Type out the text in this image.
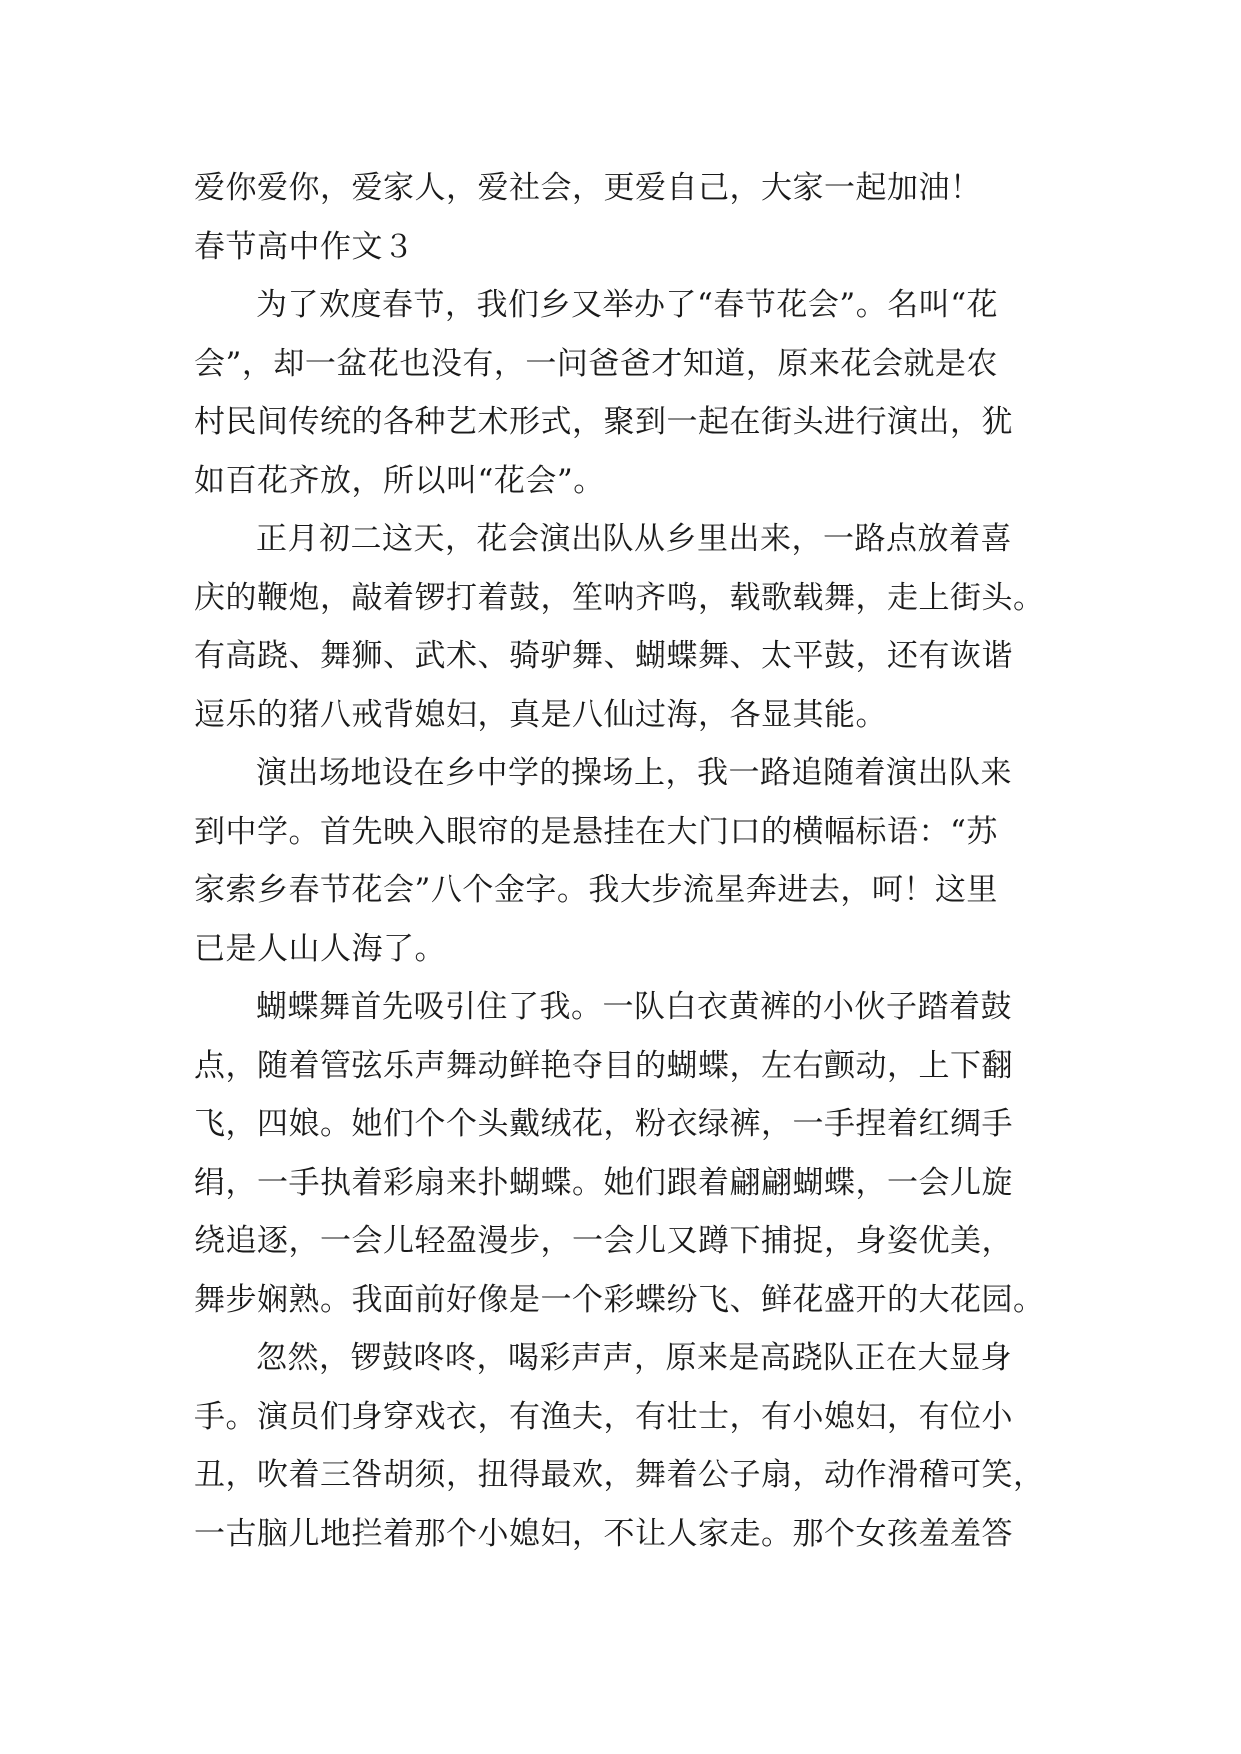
爱你爱你，爱家人，爱社会，更爱自己，大家一起加油！
春节高中作文３
为了欢度春节，我们乡又举办了“春节花会”。名叫“花
会”，却一盆花也没有，一问爸爸才知道，原来花会就是农
村民间传统的各种艺术形式，聚到一起在街头进行演出，犹
如百花齐放，所以叫“花会”。
正月初二这天，花会演出队从乡里出来，一路点放着喜
庆的鞭炮，敲着锣打着鼓，笙呐齐鸣，载歌载舞，走上街头。
有高跷、舞狮、武术、骑驴舞、蝴蝶舞、太平鼓，还有诙谐
逗乐的猪八戒背媳妇，真是八仙过海，各显其能。
演出场地设在乡中学的操场上，我一路追随着演出队来
到中学。首先映入眼帘的是悬挂在大门口的横幅标语：“苏
家索乡春节花会”八个金字。我大步流星奔进去，呵！这里
已是人山人海了。
蝴蝶舞首先吸引住了我。一队白衣黄裤的小伙子踏着鼓
点，随着管弦乐声舞动鲜艳夺目的蝴蝶，左右颤动，上下翻
飞，四娘。她们个个头戴绒花，粉衣绿裤，一手捏着红绸手
绢，一手执着彩扇来扑蝴蝶。她们跟着翩翩蝴蝶，一会儿旋
绕追逐，一会儿轻盈漫步，一会儿又蹲下捕捉，身姿优美，
舞步娴熟。我面前好像是一个彩蝶纷飞、鲜花盛开的大花园。
忽然，锣鼓咚咚，喝彩声声，原来是高跷队正在大显身
手。演员们身穿戏衣，有渔夫，有壮士，有小媳妇，有位小
丑，吹着三咎胡须，扭得最欢，舞着公子扇，动作滑稽可笑，
一古脑儿地拦着那个小媳妇，不让人家走。那个女孩羞羞答
